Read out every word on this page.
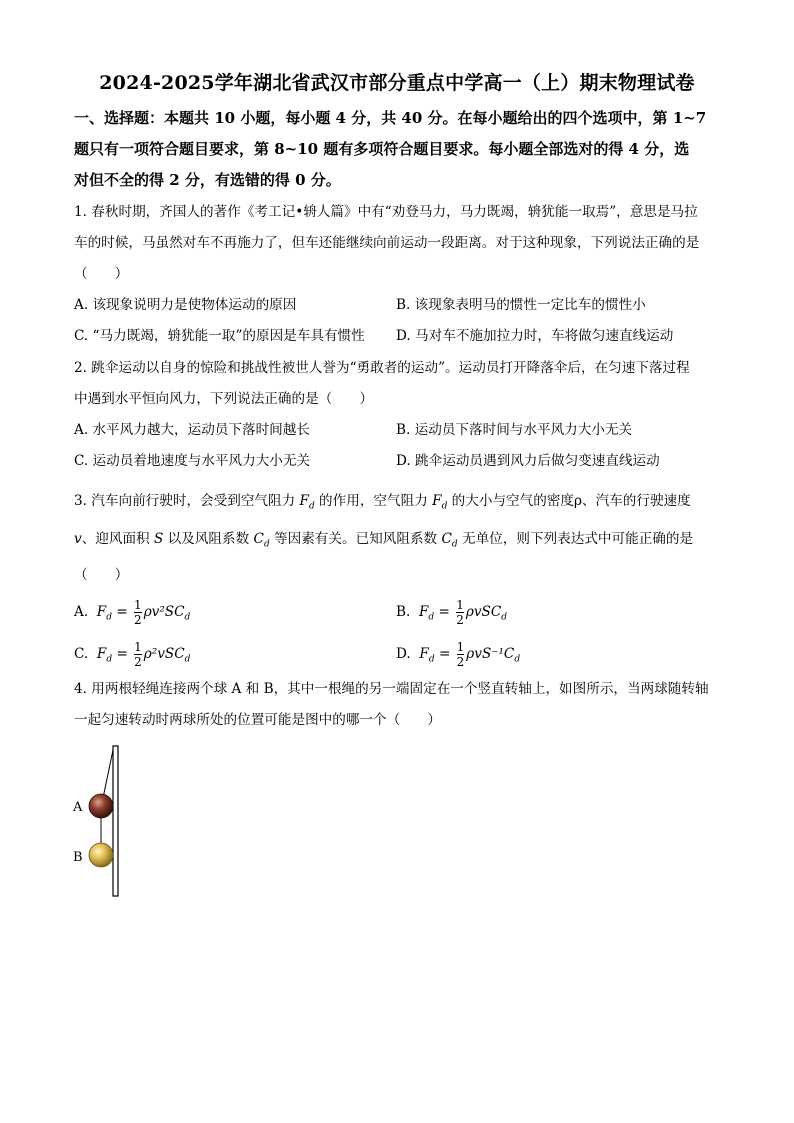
2024-2025学年湖北省武汉市部分重点中学高一（上）期末物理试卷
一、选择题：本题共 10 小题，每小题 4 分，共 40 分。在每小题给出的四个选项中，第 1~7
题只有一项符合题目要求，第 8~10 题有多项符合题目要求。每小题全部选对的得 4 分，选
对但不全的得 2 分，有选错的得 0 分。
1. 春秋时期，齐国人的著作《考工记•辀人篇》中有“劝登马力，马力既竭，辀犹能一取焉”，意思是马拉
车的时候，马虽然对车不再施力了，但车还能继续向前运动一段距离。对于这种现象，下列说法正确的是
（　　）
A. 该现象说明力是使物体运动的原因	B. 该现象表明马的惯性一定比车的惯性小
C. “马力既竭，辀犹能一取”的原因是车具有惯性 D. 马对车不施加拉力时，车将做匀速直线运动
2. 跳伞运动以自身的惊险和挑战性被世人誉为“勇敢者的运动”。运动员打开降落伞后，在匀速下落过程
中遇到水平恒向风力，下列说法正确的是（　　）
A. 水平风力越大，运动员下落时间越长	B. 运动员下落时间与水平风力大小无关
C. 运动员着地速度与水平风力大小无关	D. 跳伞运动员遇到风力后做匀变速直线运动
3. 汽车向前行驶时，会受到空气阻力 $F_d$ 的作用，空气阻力 $F_d$ 的大小与空气的密度ρ、汽车的行驶速度
v、迎风面积 S 以及风阻系数 $C_d$ 等因素有关。已知风阻系数 $C_d$ 无单位，则下列表达式中可能正确的是
（　　）
A. $F_d = \frac{1}{2} \rho v^2SC_d$	B. $F_d = \frac{1}{2} \rho vSC_d$
C. $F_d = \frac{1}{2} \rho^2vSC_d$	D. $F_d = \frac{1}{2} \rho vS^{-1}C_d$
4. 用两根轻绳连接两个球 A 和 B，其中一根绳的另一端固定在一个竖直转轴上，如图所示，当两球随转轴
一起匀速转动时两球所处的位置可能是图中的哪一个（　　）
A
B
